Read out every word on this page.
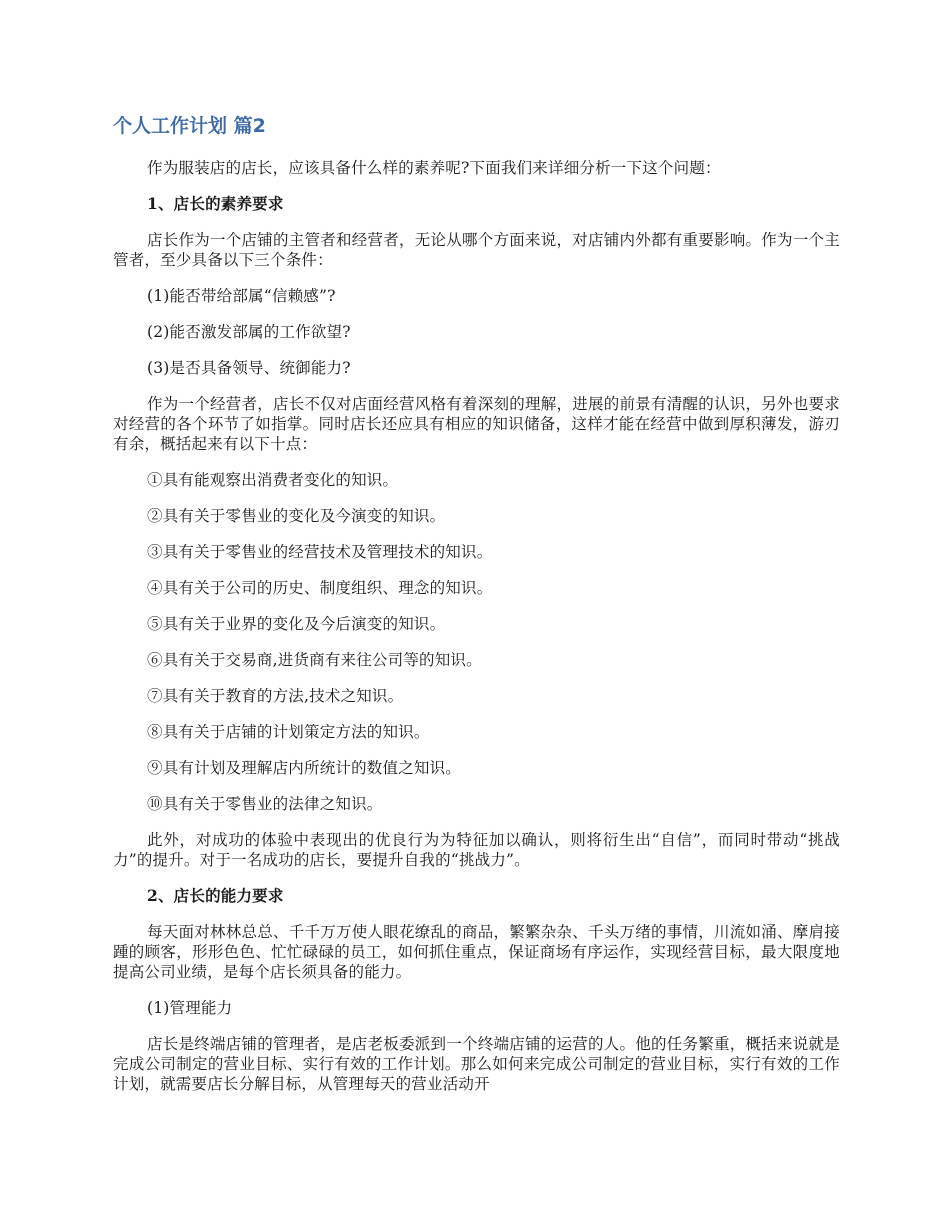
个人工作计划 篇2
作为服装店的店长，应该具备什么样的素养呢?下面我们来详细分析一下这个问题：
1、店长的素养要求
店长作为一个店铺的主管者和经营者，无论从哪个方面来说，对店铺内外都有重要影响。作为一个主管者，至少具备以下三个条件：
(1)能否带给部属“信赖感”?
(2)能否激发部属的工作欲望?
(3)是否具备领导、统御能力?
作为一个经营者，店长不仅对店面经营风格有着深刻的理解，进展的前景有清醒的认识，另外也要求对经营的各个环节了如指掌。同时店长还应具有相应的知识储备，这样才能在经营中做到厚积薄发，游刃有余，概括起来有以下十点：
①具有能观察出消费者变化的知识。
②具有关于零售业的变化及今演变的知识。
③具有关于零售业的经营技术及管理技术的知识。
④具有关于公司的历史、制度组织、理念的知识。
⑤具有关于业界的变化及今后演变的知识。
⑥具有关于交易商,进货商有来往公司等的知识。
⑦具有关于教育的方法,技术之知识。
⑧具有关于店铺的计划策定方法的知识。
⑨具有计划及理解店内所统计的数值之知识。
⑩具有关于零售业的法律之知识。
此外，对成功的体验中表现出的优良行为为特征加以确认，则将衍生出“自信”，而同时带动“挑战力”的提升。对于一名成功的店长，要提升自我的“挑战力”。
2、店长的能力要求
每天面对林林总总、千千万万使人眼花缭乱的商品，繁繁杂杂、千头万绪的事情，川流如涌、摩肩接踵的顾客，形形色色、忙忙碌碌的员工，如何抓住重点，保证商场有序运作，实现经营目标，最大限度地提高公司业绩，是每个店长须具备的能力。
(1)管理能力
店长是终端店铺的管理者，是店老板委派到一个终端店铺的运营的人。他的任务繁重，概括来说就是完成公司制定的营业目标、实行有效的工作计划。那么如何来完成公司制定的营业目标，实行有效的工作计划，就需要店长分解目标，从管理每天的营业活动开
